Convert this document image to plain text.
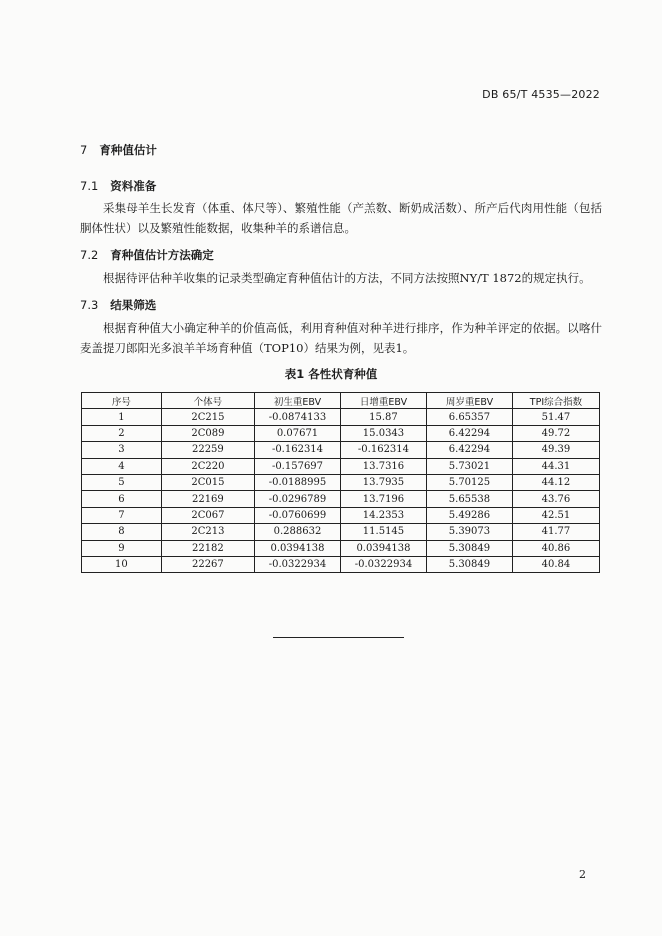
DB 65/T 4535—2022
7 育种值估计
7.1 资料准备
采集母羊生长发育（体重、体尺等）、繁殖性能（产羔数、断奶成活数）、所产后代肉用性能（包括胴体性状）以及繁殖性能数据，收集种羊的系谱信息。
7.2 育种值估计方法确定
根据待评估种羊收集的记录类型确定育种值估计的方法，不同方法按照NY/T 1872的规定执行。
7.3 结果筛选
根据育种值大小确定种羊的价值高低，利用育种值对种羊进行排序，作为种羊评定的依据。以喀什麦盖提刀郎阳光多浪羊羊场育种值（TOP10）结果为例，见表1。
表1 各性状育种值
序号	个体号	初生重EBV	日增重EBV	周岁重EBV	TPI综合指数
1	2C215	-0.0874133	15.87	6.65357	51.47
2	2C089	0.07671	15.0343	6.42294	49.72
3	22259	-0.162314	-0.162314	6.42294	49.39
4	2C220	-0.157697	13.7316	5.73021	44.31
5	2C015	-0.0188995	13.7935	5.70125	44.12
6	22169	-0.0296789	13.7196	5.65538	43.76
7	2C067	-0.0760699	14.2353	5.49286	42.51
8	2C213	0.288632	11.5145	5.39073	41.77
9	22182	0.0394138	0.0394138	5.30849	40.86
10	22267	-0.0322934	-0.0322934	5.30849	40.84
2
